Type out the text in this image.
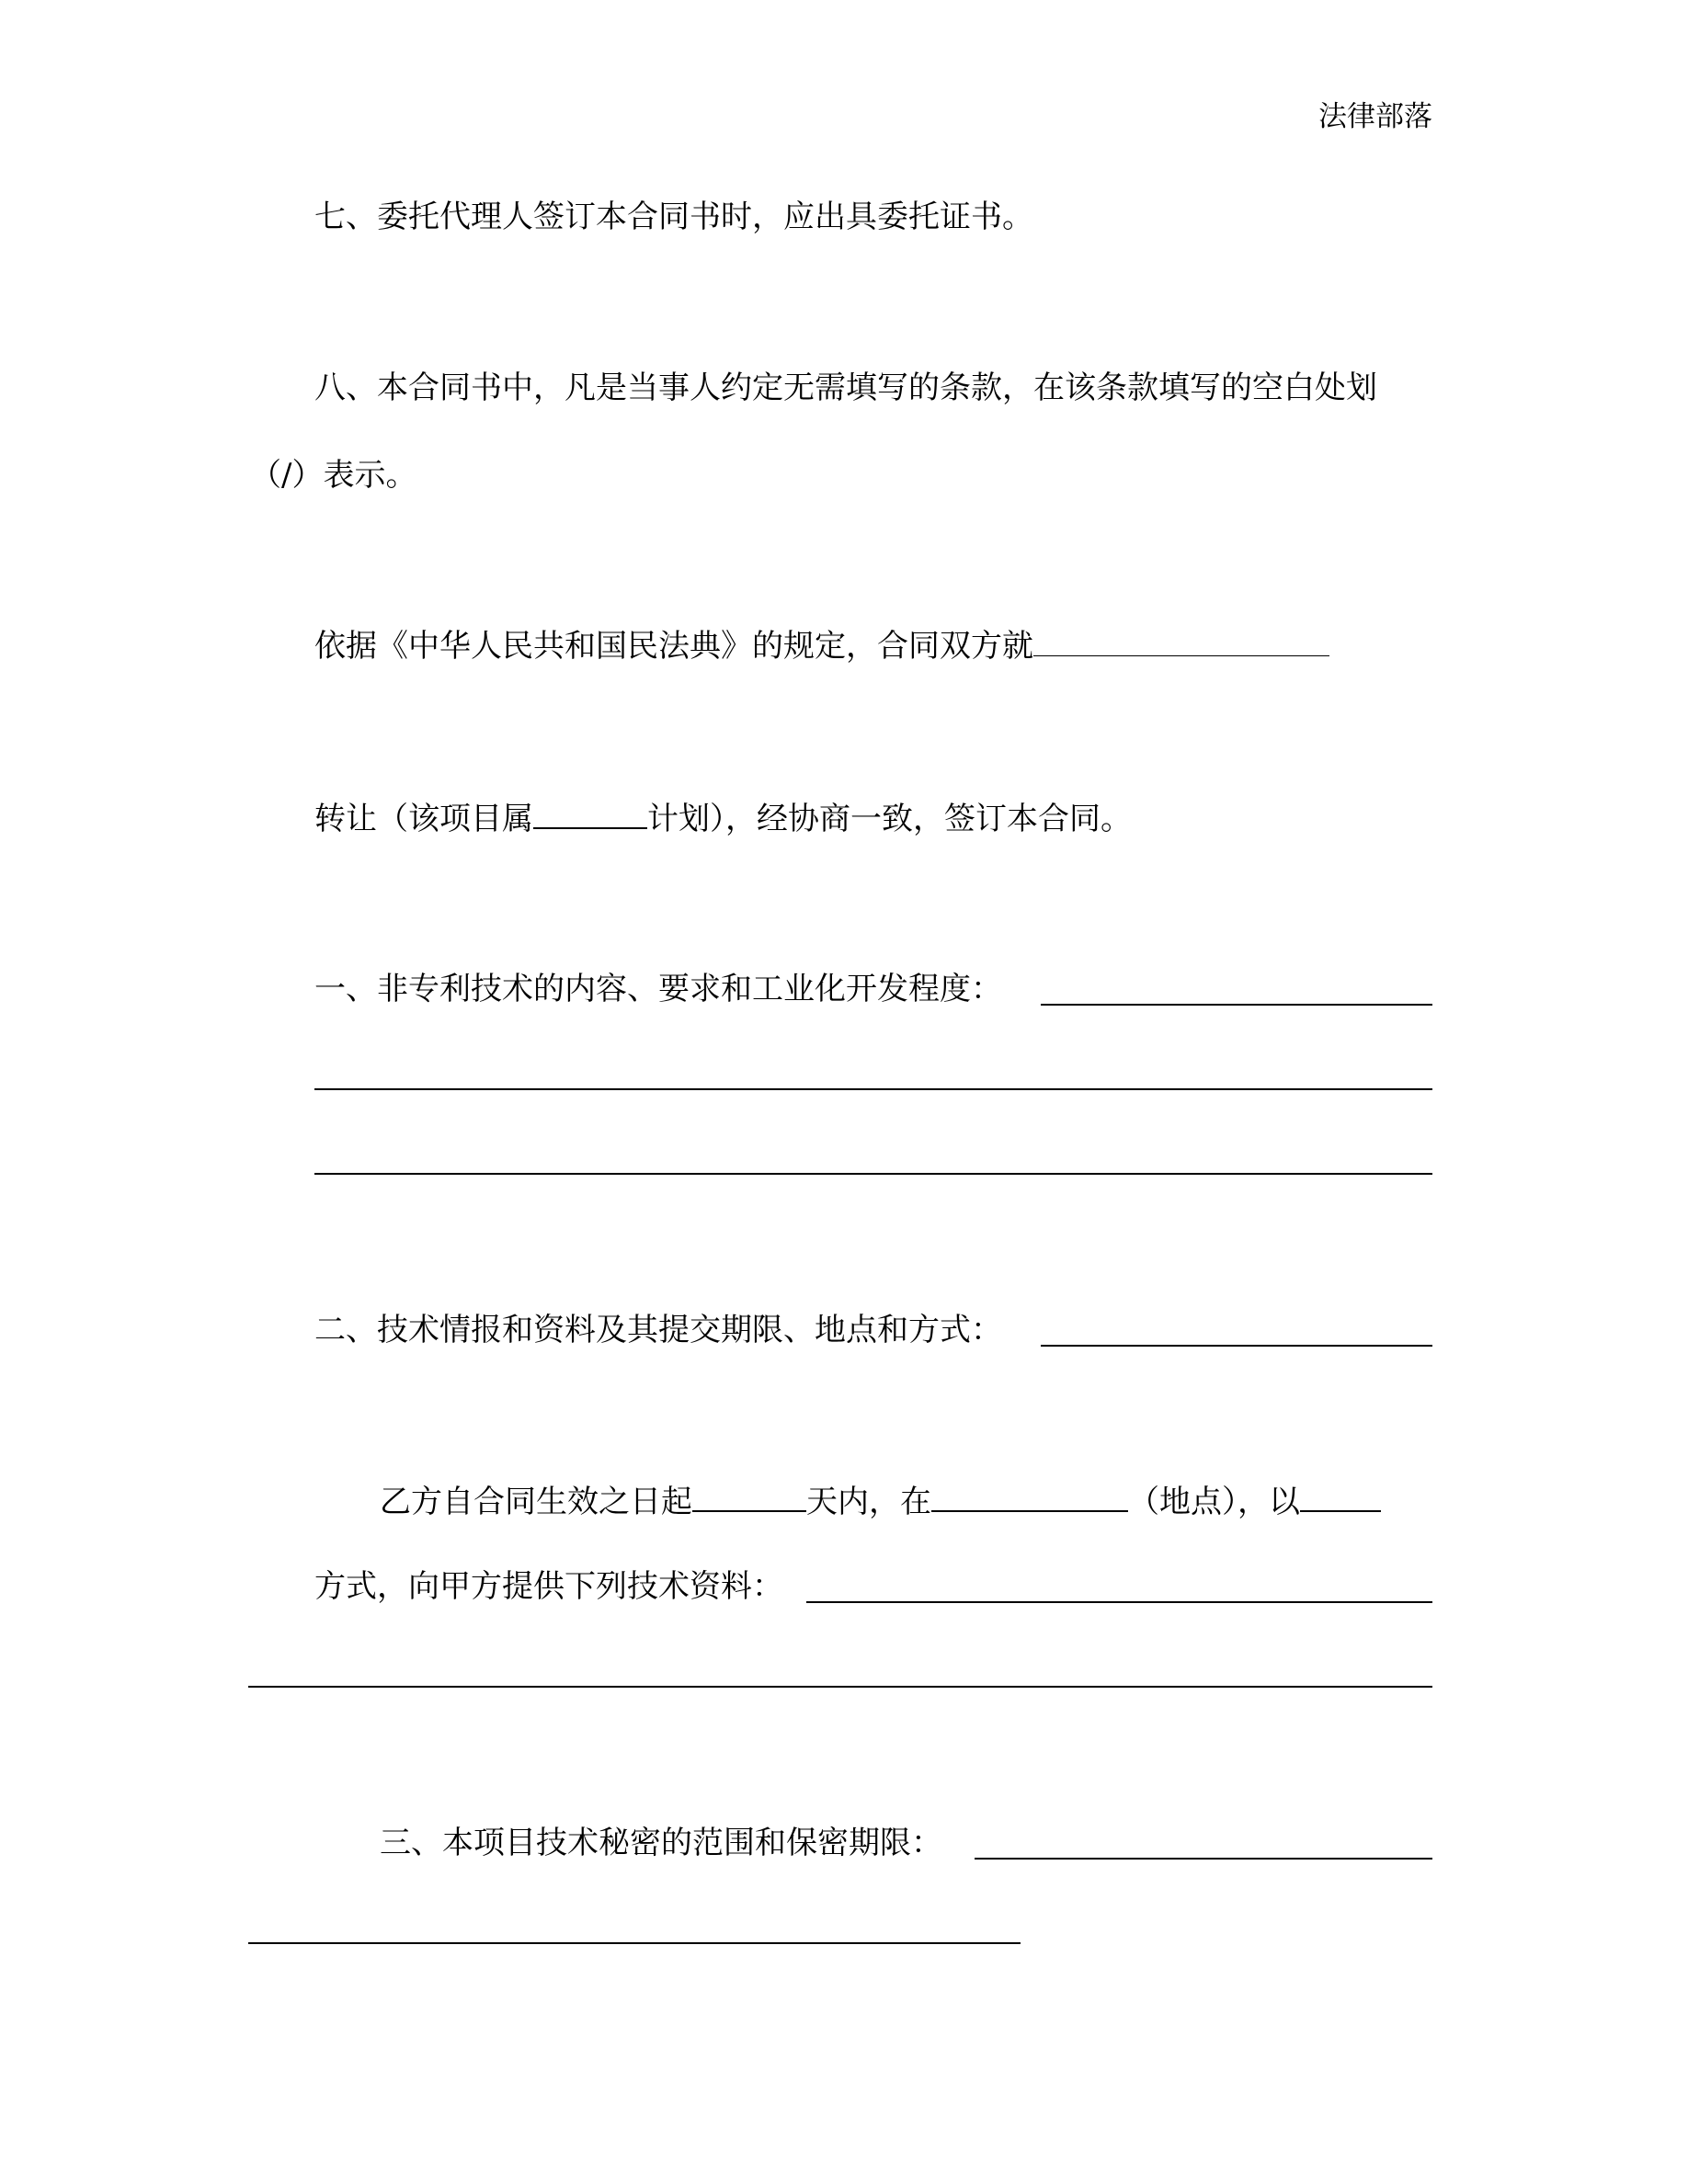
法律部落
七、委托代理人签订本合同书时，应出具委托证书。
八、本合同书中，凡是当事人约定无需填写的条款，在该条款填写的空白处划
（/）表示。
依据《中华人民共和国民法典》的规定，合同双方就
转让（该项目属	计划），经协商一致，签订本合同。
一、非专利技术的内容、要求和工业化开发程度：
二、技术情报和资料及其提交期限、地点和方式：
乙方自合同生效之日起	天内，在	（地点），以
方式，向甲方提供下列技术资料：
三、本项目技术秘密的范围和保密期限：
